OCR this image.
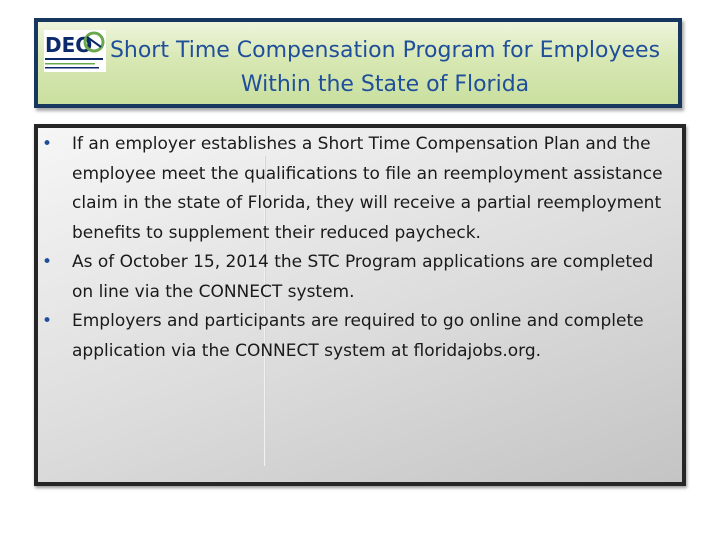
DEO Short Time Compensation Program for Employees Within the State of Florida
• If an employer establishes a Short Time Compensation Plan and the employee meet the qualifications to file an reemployment assistance claim in the state of Florida, they will receive a partial reemployment benefits to supplement their reduced paycheck.
• As of October 15, 2014 the STC Program applications are completed on line via the CONNECT system.
• Employers and participants are required to go online and complete application via the CONNECT system at floridajobs.org.
